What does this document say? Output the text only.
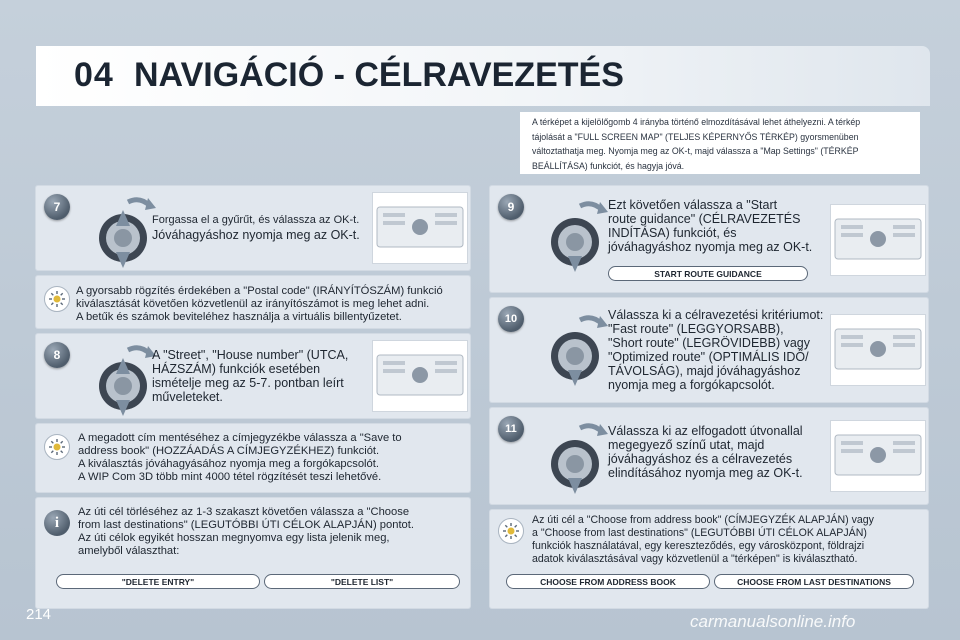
04 NAVIGÁCIÓ - CÉLRAVEZETÉS
A térképet a kijelölőgomb 4 irányba történő elmozdításával lehet áthelyezni. A térkép
tájolását a "FULL SCREEN MAP" (TELJES KÉPERNYŐS TÉRKÉP) gyorsmenüben
változtathatja meg. Nyomja meg az OK-t, majd válassza a "Map Settings" (TÉRKÉP
BEÁLLÍTÁSA) funkciót, és hagyja jóvá.
7
Forgassa el a gyűrűt, és válassza az OK-t.
Jóváhagyáshoz nyomja meg az OK-t.
A gyorsabb rögzítés érdekében a "Postal code" (IRÁNYÍTÓSZÁM) funkció
kiválasztását követően közvetlenül az irányítószámot is meg lehet adni.
A betűk és számok beviteléhez használja a virtuális billentyűzetet.
8	A "Street", "House number" (UTCA,
HÁZSZÁM) funkciók esetében
ismételje meg az 5-7. pontban leírt
műveleteket.
A megadott cím mentéséhez a címjegyzékbe válassza a "Save to
address book" (HOZZÁADÁS A CÍMJEGYZÉKHEZ) funkciót.
A kiválasztás jóváhagyásához nyomja meg a forgókapcsolót.
A WIP Com 3D több mint 4000 tétel rögzítését teszi lehetővé.
i
Az úti cél törléséhez az 1-3 szakaszt követően válassza a "Choose
from last destinations" (LEGUTÓBBI ÚTI CÉLOK ALAPJÁN) pontot.
Az úti célok egyikét hosszan megnyomva egy lista jelenik meg,
amelyből választhat:
"DELETE ENTRY"	"DELETE LIST"
9	Ezt követően válassza a "Start
route guidance" (CÉLRAVEZETÉS
INDÍTÁSA) funkciót, és
jóváhagyáshoz nyomja meg az OK-t.
START ROUTE GUIDANCE
10	Válassza ki a célravezetési kritériumot:
"Fast route" (LEGGYORSABB),
"Short route" (LEGRÖVIDEBB) vagy
"Optimized route" (OPTIMÁLIS IDŐ/
TÁVOLSÁG), majd jóváhagyáshoz
nyomja meg a forgókapcsolót.
11	Válassza ki az elfogadott útvonallal
megegyező színű utat, majd
jóváhagyáshoz és a célravezetés
elindításához nyomja meg az OK-t.
Az úti cél a "Choose from address book" (CÍMJEGYZÉK ALAPJÁN) vagy
a "Choose from last destinations" (LEGUTÓBBI ÚTI CÉLOK ALAPJÁN)
funkciók használatával, egy kereszteződés, egy városközpont, földrajzi
adatok kiválasztásával vagy közvetlenül a "térképen" is kiválasztható.
CHOOSE FROM ADDRESS BOOK	CHOOSE FROM LAST DESTINATIONS
214	carmanualsonline.info
